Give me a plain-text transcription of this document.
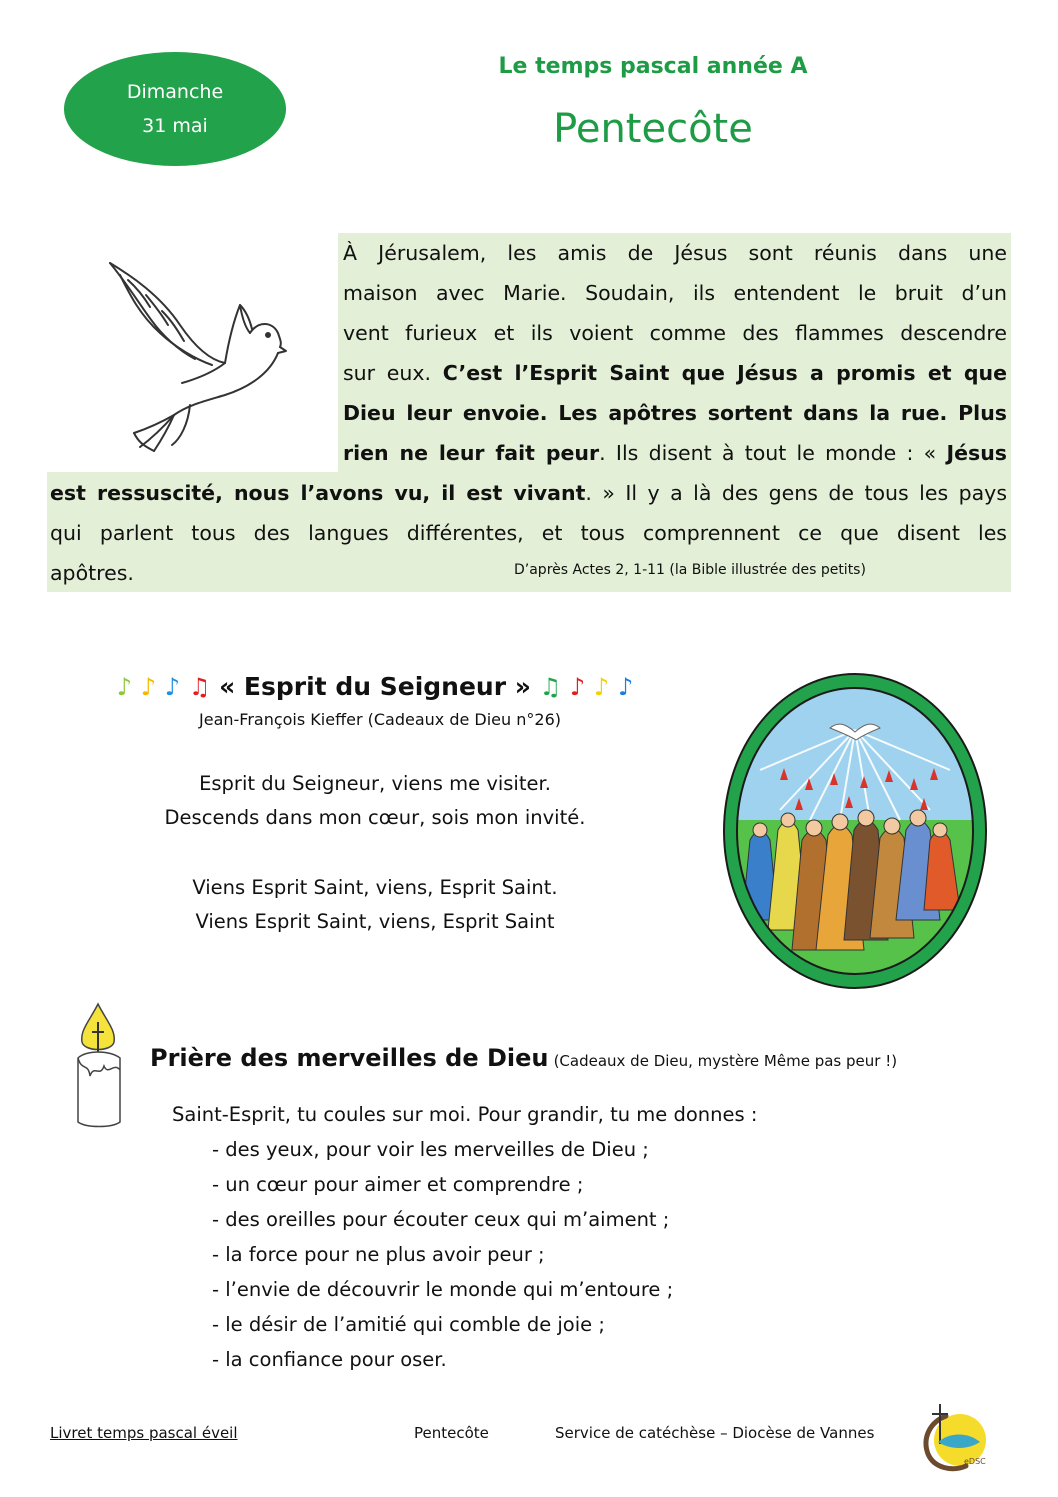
Dimanche
31 mai
Le temps pascal année A
Pentecôte
À Jérusalem, les amis de Jésus sont réunis dans une
maison avec Marie. Soudain, ils entendent le bruit d’un
vent furieux et ils voient comme des flammes descendre
sur eux. C’est l’Esprit Saint que Jésus a promis et que
Dieu leur envoie. Les apôtres sortent dans la rue. Plus
rien ne leur fait peur. Ils disent à tout le monde : « Jésus
est ressuscité, nous l’avons vu, il est vivant. » Il y a là des gens de tous les pays
qui parlent tous des langues différentes, et tous comprennent ce que disent les
apôtres.	D’après Actes 2, 1-11 (la Bible illustrée des petits)
♪ ♪ ♪ ♫ « Esprit du Seigneur » ♫ ♪ ♪ ♪
Jean-François Kieffer (Cadeaux de Dieu n°26)
Esprit du Seigneur, viens me visiter.
Descends dans mon cœur, sois mon invité.
Viens Esprit Saint, viens, Esprit Saint.
Viens Esprit Saint, viens, Esprit Saint
Prière des merveilles de Dieu (Cadeaux de Dieu, mystère Même pas peur !)
Saint-Esprit, tu coules sur moi. Pour grandir, tu me donnes :
- des yeux, pour voir les merveilles de Dieu ;
- un cœur pour aimer et comprendre ;
- des oreilles pour écouter ceux qui m’aiment ;
- la force pour ne plus avoir peur ;
- l’envie de découvrir le monde qui m’entoure ;
- le désir de l’amitié qui comble de joie ;
- la confiance pour oser.
Livret temps pascal éveil	Pentecôte	Service de catéchèse – Diocèse de Vannes
eDSC
